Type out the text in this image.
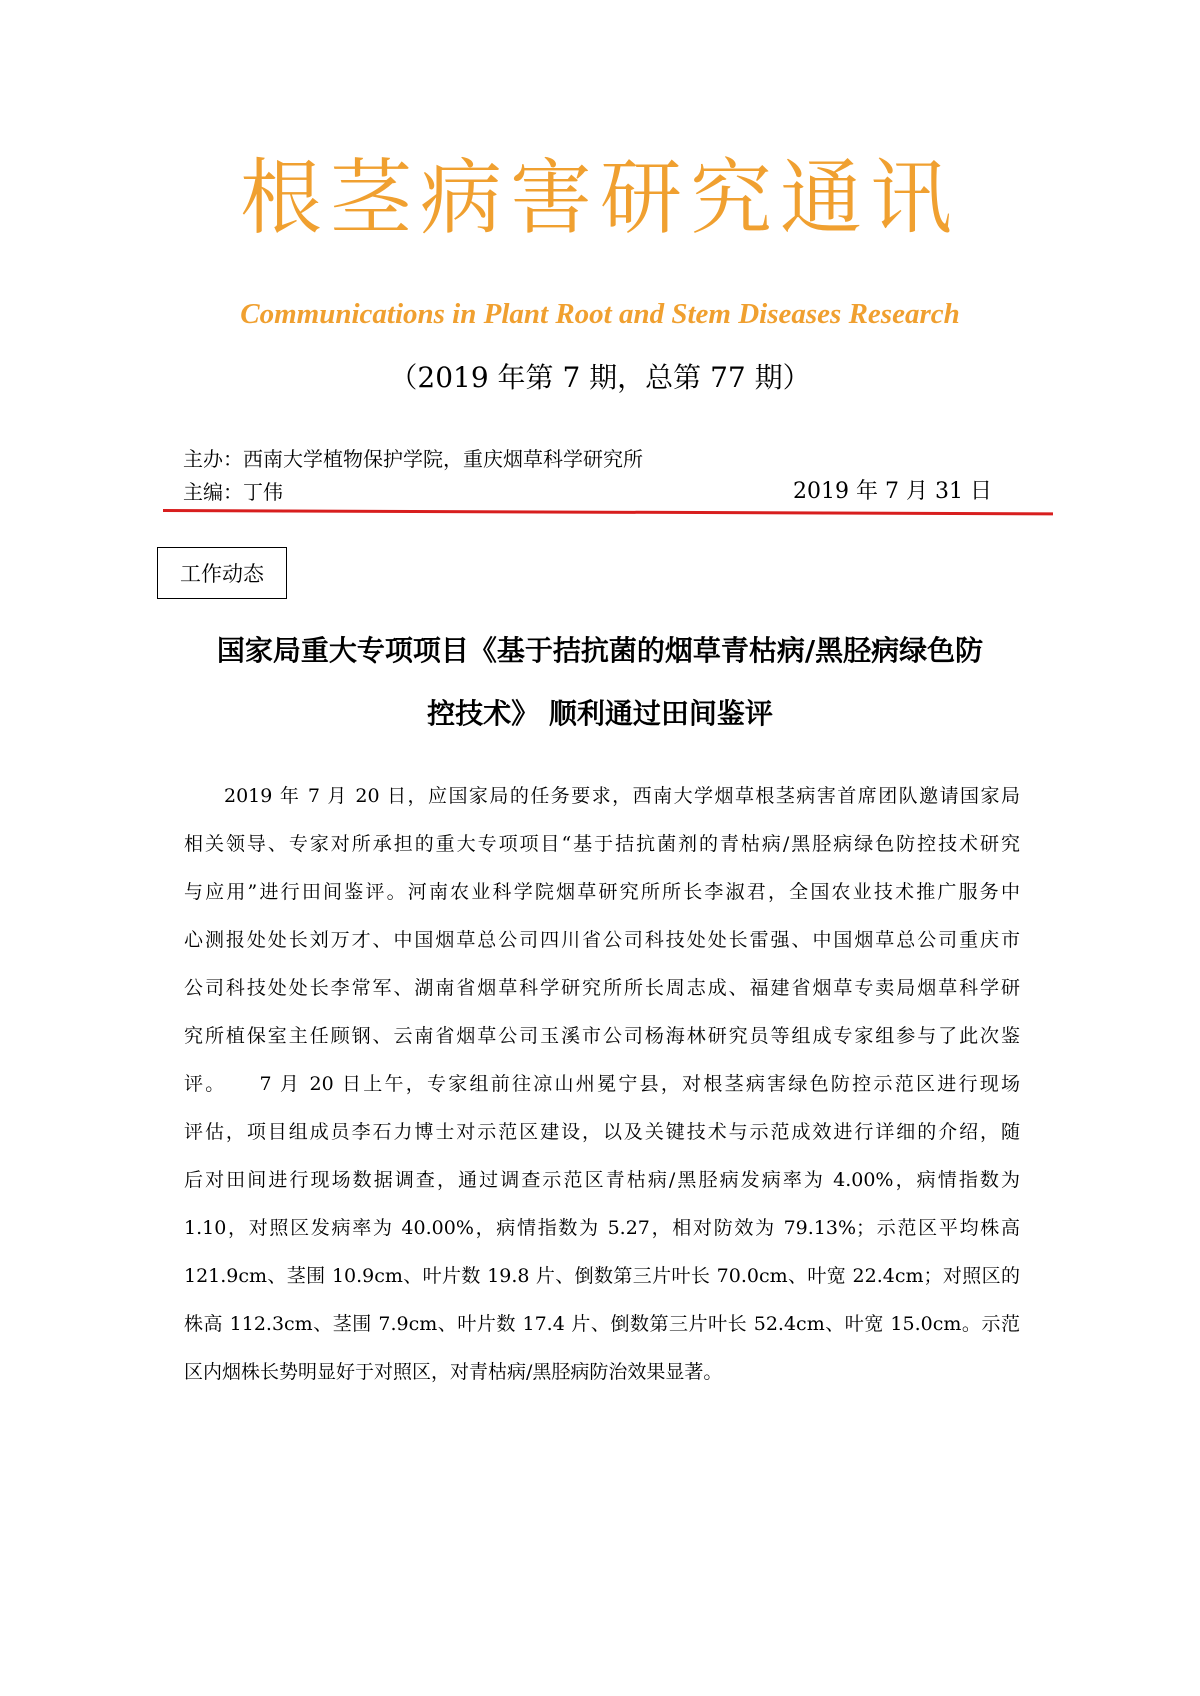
根茎病害研究通讯
Communications in Plant Root and Stem Diseases Research
（2019 年第 7 期，总第 77 期）
主办：西南大学植物保护学院，重庆烟草科学研究所
主编：丁伟	2019 年 7 月 31 日
工作动态
国家局重大专项项目《基于拮抗菌的烟草青枯病/黑胫病绿色防
控技术》 顺利通过田间鉴评
2019 年 7 月 20 日，应国家局的任务要求，西南大学烟草根茎病害首席团队邀请国家局
相关领导、专家对所承担的重大专项项目“基于拮抗菌剂的青枯病/黑胫病绿色防控技术研究
与应用”进行田间鉴评。河南农业科学院烟草研究所所长李淑君，全国农业技术推广服务中
心测报处处长刘万才、中国烟草总公司四川省公司科技处处长雷强、中国烟草总公司重庆市
公司科技处处长李常军、湖南省烟草科学研究所所长周志成、福建省烟草专卖局烟草科学研
究所植保室主任顾钢、云南省烟草公司玉溪市公司杨海林研究员等组成专家组参与了此次鉴
评。　　7 月 20 日上午，专家组前往凉山州冕宁县，对根茎病害绿色防控示范区进行现场
评估，项目组成员李石力博士对示范区建设，以及关键技术与示范成效进行详细的介绍，随
后对田间进行现场数据调查，通过调查示范区青枯病/黑胫病发病率为 4.00%，病情指数为
1.10，对照区发病率为 40.00%，病情指数为 5.27，相对防效为 79.13%；示范区平均株高
121.9cm、茎围 10.9cm、叶片数 19.8 片、倒数第三片叶长 70.0cm、叶宽 22.4cm；对照区的
株高 112.3cm、茎围 7.9cm、叶片数 17.4 片、倒数第三片叶长 52.4cm、叶宽 15.0cm。示范
区内烟株长势明显好于对照区，对青枯病/黑胫病防治效果显著。
